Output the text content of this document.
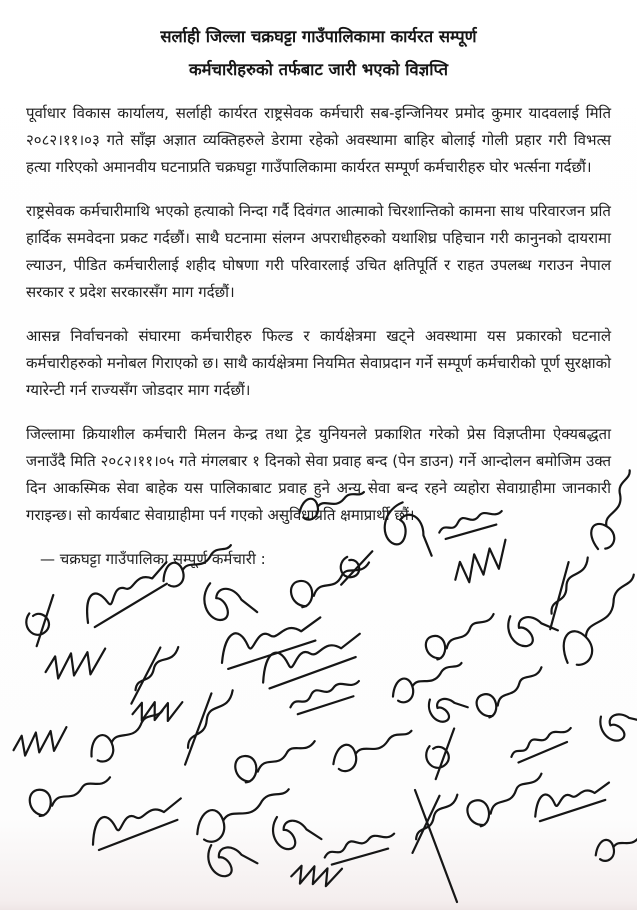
सर्लाही जिल्ला चक्रघट्टा गाउँपालिकामा कार्यरत सम्पूर्ण
कर्मचारीहरुको तर्फबाट जारी भएको विज्ञप्ति

पूर्वाधार विकास कार्यालय, सर्लाही कार्यरत राष्ट्रसेवक कर्मचारी सब-इन्जिनियर प्रमोद कुमार यादवलाई मिति २०८२।११।०३ गते साँझ अज्ञात व्यक्तिहरुले डेरामा रहेको अवस्थामा बाहिर बोलाई गोली प्रहार गरी विभत्स हत्या गरिएको अमानवीय घटनाप्रति चक्रघट्टा गाउँपालिकामा कार्यरत सम्पूर्ण कर्मचारीहरु घोर भर्त्सना गर्दछौं।

राष्ट्रसेवक कर्मचारीमाथि भएको हत्याको निन्दा गर्दै दिवंगत आत्माको चिरशान्तिको कामना साथ परिवारजन प्रति हार्दिक समवेदना प्रकट गर्दछौं। साथै घटनामा संलग्न अपराधीहरुको यथाशिघ्र पहिचान गरी कानुनको दायरामा ल्याउन, पीडित कर्मचारीलाई शहीद घोषणा गरी परिवारलाई उचित क्षतिपूर्ति र राहत उपलब्ध गराउन नेपाल सरकार र प्रदेश सरकारसँग माग गर्दछौं।

आसन्न निर्वाचनको संघारमा कर्मचारीहरु फिल्ड र कार्यक्षेत्रमा खट्ने अवस्थामा यस प्रकारको घटनाले कर्मचारीहरुको मनोबल गिराएको छ। साथै कार्यक्षेत्रमा नियमित सेवाप्रदान गर्ने सम्पूर्ण कर्मचारीको पूर्ण सुरक्षाको ग्यारेन्टी गर्न राज्यसँग जोडदार माग गर्दछौं।

जिल्लामा क्रियाशील कर्मचारी मिलन केन्द्र तथा ट्रेड युनियनले प्रकाशित गरेको प्रेस विज्ञप्तीमा ऐक्यबद्धता जनाउँदै मिति २०८२।११।०५ गते मंगलबार १ दिनको सेवा प्रवाह बन्द (पेन डाउन) गर्ने आन्दोलन बमोजिम उक्त दिन आकस्मिक सेवा बाहेक यस पालिकाबाट प्रवाह हुने अन्य सेवा बन्द रहने व्यहोरा सेवाग्राहीमा जानकारी गराइन्छ। सो कार्यबाट सेवाग्राहीमा पर्न गएको असुविधाप्रति क्षमाप्रार्थी छौं।

— चक्रघट्टा गाउँपालिका सम्पूर्ण कर्मचारी :
